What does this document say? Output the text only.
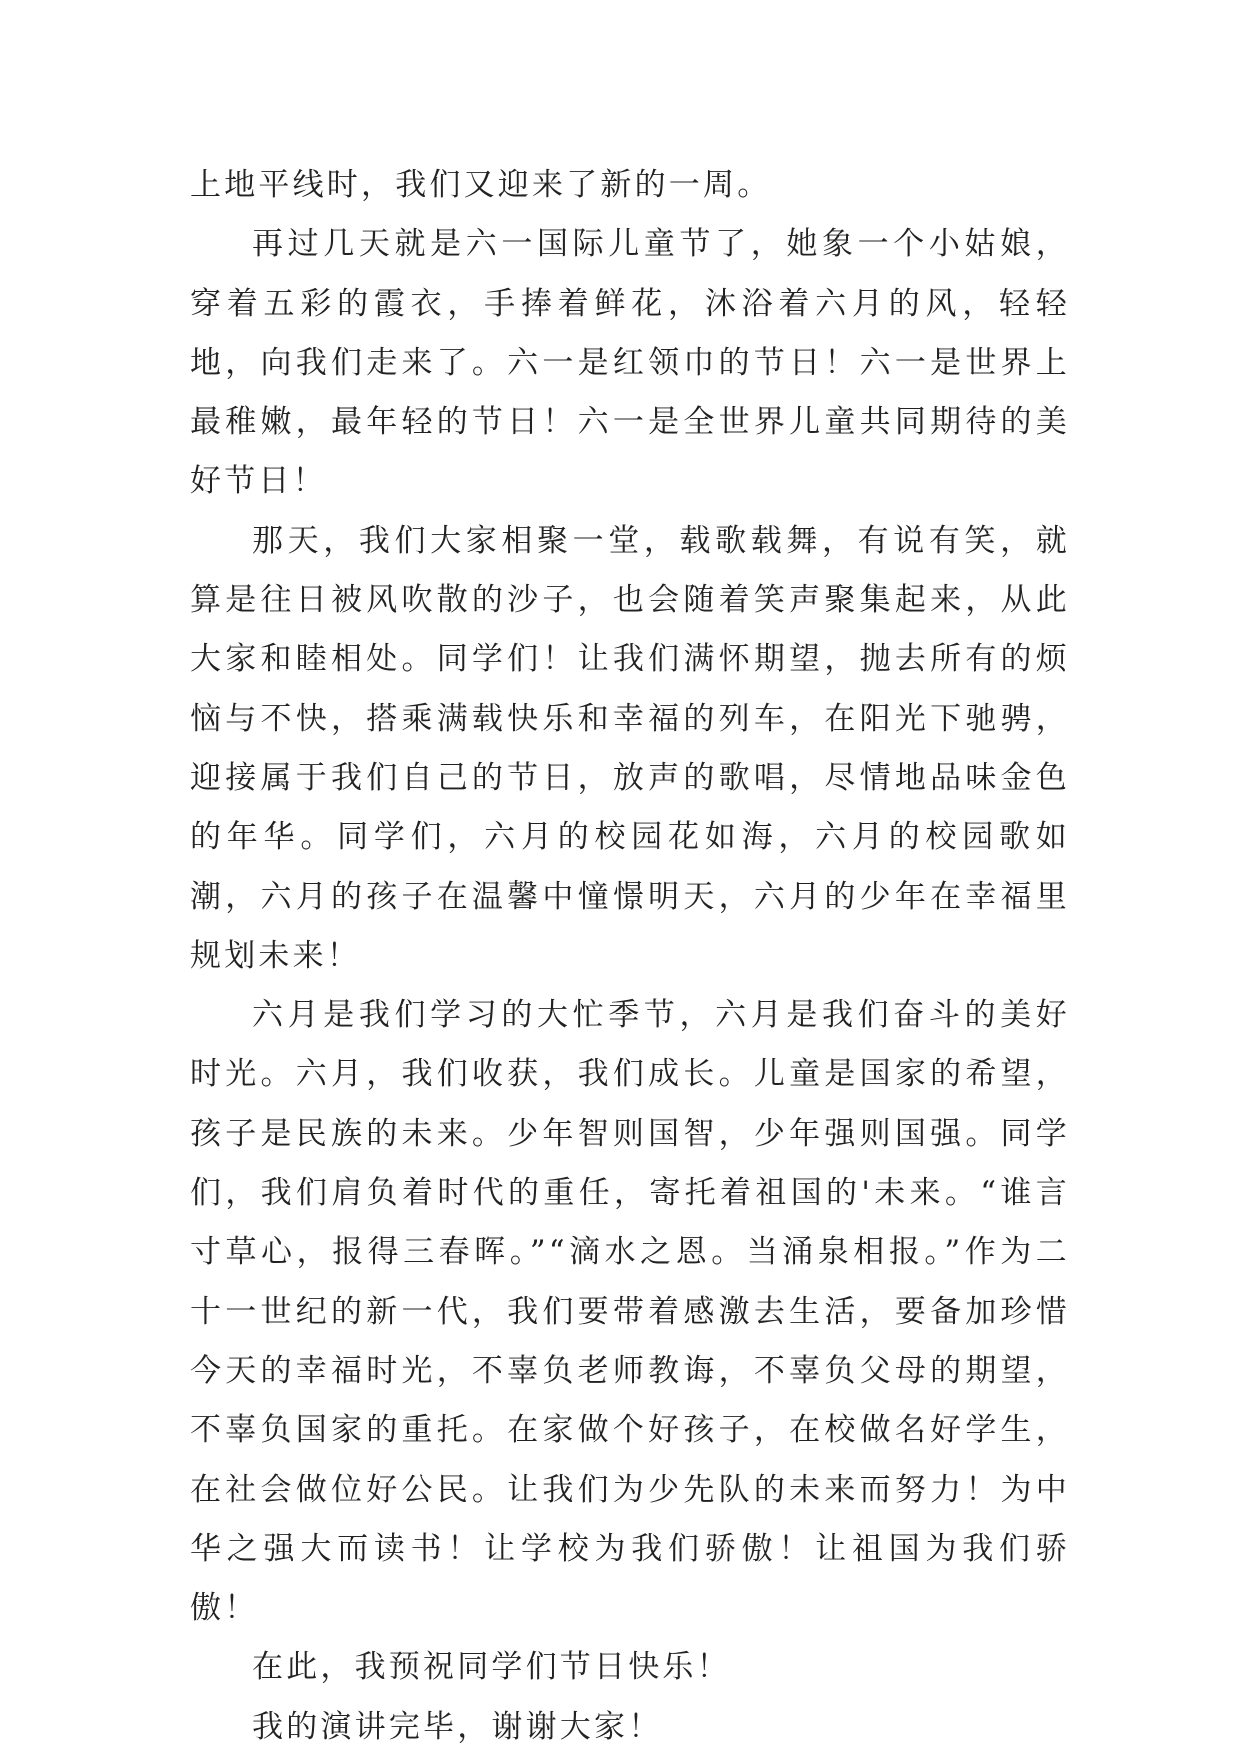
上地平线时，我们又迎来了新的一周。

再过几天就是六一国际儿童节了，她象一个小姑娘，穿着五彩的霞衣，手捧着鲜花，沐浴着六月的风，轻轻地，向我们走来了。六一是红领巾的节日！六一是世界上最稚嫩，最年轻的节日！六一是全世界儿童共同期待的美好节日！

那天，我们大家相聚一堂，载歌载舞，有说有笑，就算是往日被风吹散的沙子，也会随着笑声聚集起来，从此大家和睦相处。同学们！让我们满怀期望，抛去所有的烦恼与不快，搭乘满载快乐和幸福的列车，在阳光下驰骋，迎接属于我们自己的节日，放声的歌唱，尽情地品味金色的年华。同学们，六月的校园花如海，六月的校园歌如潮，六月的孩子在温馨中憧憬明天，六月的少年在幸福里规划未来！

六月是我们学习的大忙季节，六月是我们奋斗的美好时光。六月，我们收获，我们成长。儿童是国家的希望，孩子是民族的未来。少年智则国智，少年强则国强。同学们，我们肩负着时代的重任，寄托着祖国的'未来。“谁言寸草心，报得三春晖。”“滴水之恩。当涌泉相报。”作为二十一世纪的新一代，我们要带着感激去生活，要备加珍惜今天的幸福时光，不辜负老师教诲，不辜负父母的期望，不辜负国家的重托。在家做个好孩子，在校做名好学生，在社会做位好公民。让我们为少先队的未来而努力！为中华之强大而读书！让学校为我们骄傲！让祖国为我们骄傲！

在此，我预祝同学们节日快乐！

我的演讲完毕，谢谢大家！
